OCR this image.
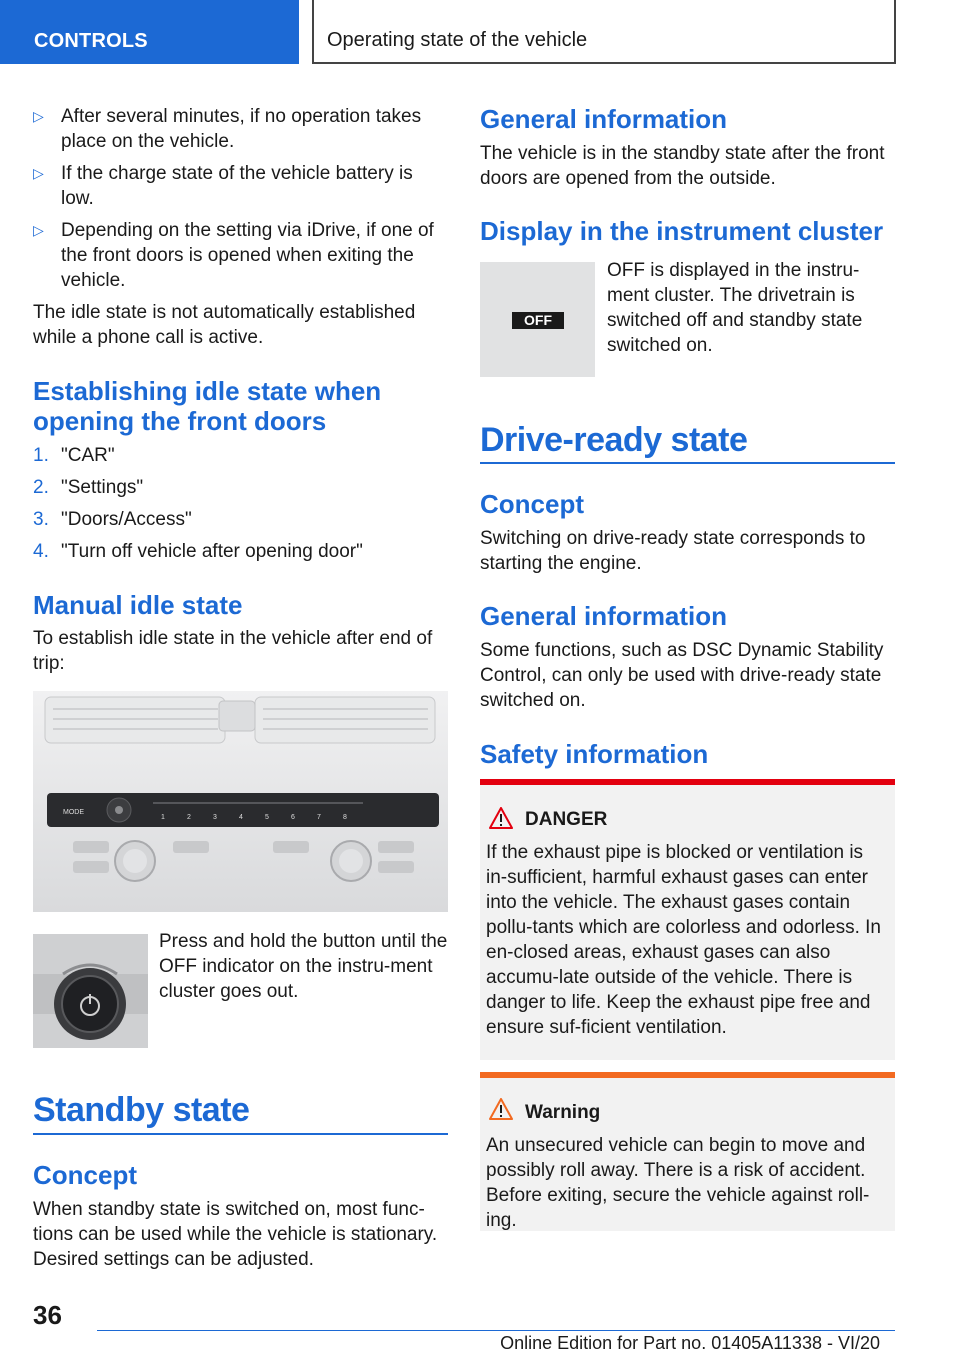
CONTROLS	Operating state of the vehicle
▷ After several minutes, if no operation takes place on the vehicle.
▷ If the charge state of the vehicle battery is low.
▷ Depending on the setting via iDrive, if one of the front doors is opened when exiting the vehicle.
The idle state is not automatically established while a phone call is active.
Establishing idle state when opening the front doors
1. "CAR"
2. "Settings"
3. "Doors/Access"
4. "Turn off vehicle after opening door"
Manual idle state
To establish idle state in the vehicle after end of trip:
MODE
1	2	3	4	5	6	7	8
Press and hold the button until the OFF indicator on the instru-ment cluster goes out.
Standby state
Concept
When standby state is switched on, most func-tions can be used while the vehicle is stationary. Desired settings can be adjusted.
General information
The vehicle is in the standby state after the front doors are opened from the outside.
Display in the instrument cluster
OFF
OFF is displayed in the instru-ment cluster. The drivetrain is switched off and standby state switched on.
Drive-ready state
Concept
Switching on drive-ready state corresponds to starting the engine.
General information
Some functions, such as DSC Dynamic Stability Control, can only be used with drive-ready state switched on.
Safety information
DANGER
If the exhaust pipe is blocked or ventilation is in-sufficient, harmful exhaust gases can enter into the vehicle. The exhaust gases contain pollu-tants which are colorless and odorless. In en-closed areas, exhaust gases can also accumu-late outside of the vehicle. There is danger to life. Keep the exhaust pipe free and ensure suf-ficient ventilation.
Warning
An unsecured vehicle can begin to move and possibly roll away. There is a risk of accident. Before exiting, secure the vehicle against roll-ing.
36
Online Edition for Part no. 01405A11338 - VI/20
